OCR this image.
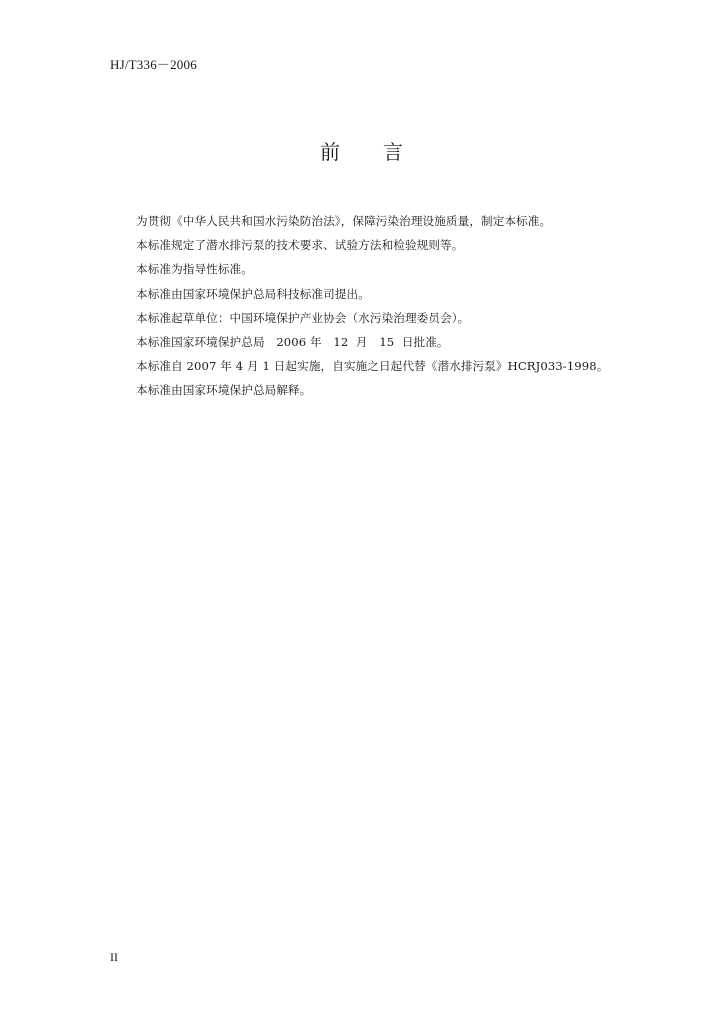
HJ/T336－2006
前　　言
为贯彻《中华人民共和国水污染防治法》，保障污染治理设施质量，制定本标准。
本标准规定了潜水排污泵的技术要求、试验方法和检验规则等。
本标准为指导性标准。
本标准由国家环境保护总局科技标准司提出。
本标准起草单位：中国环境保护产业协会（水污染治理委员会）。
本标准国家环境保护总局　2006 年　12  月　15  日批准。
本标准自 2007 年 4 月 1 日起实施，自实施之日起代替《潜水排污泵》HCRJ033-1998。
本标准由国家环境保护总局解释。
II
